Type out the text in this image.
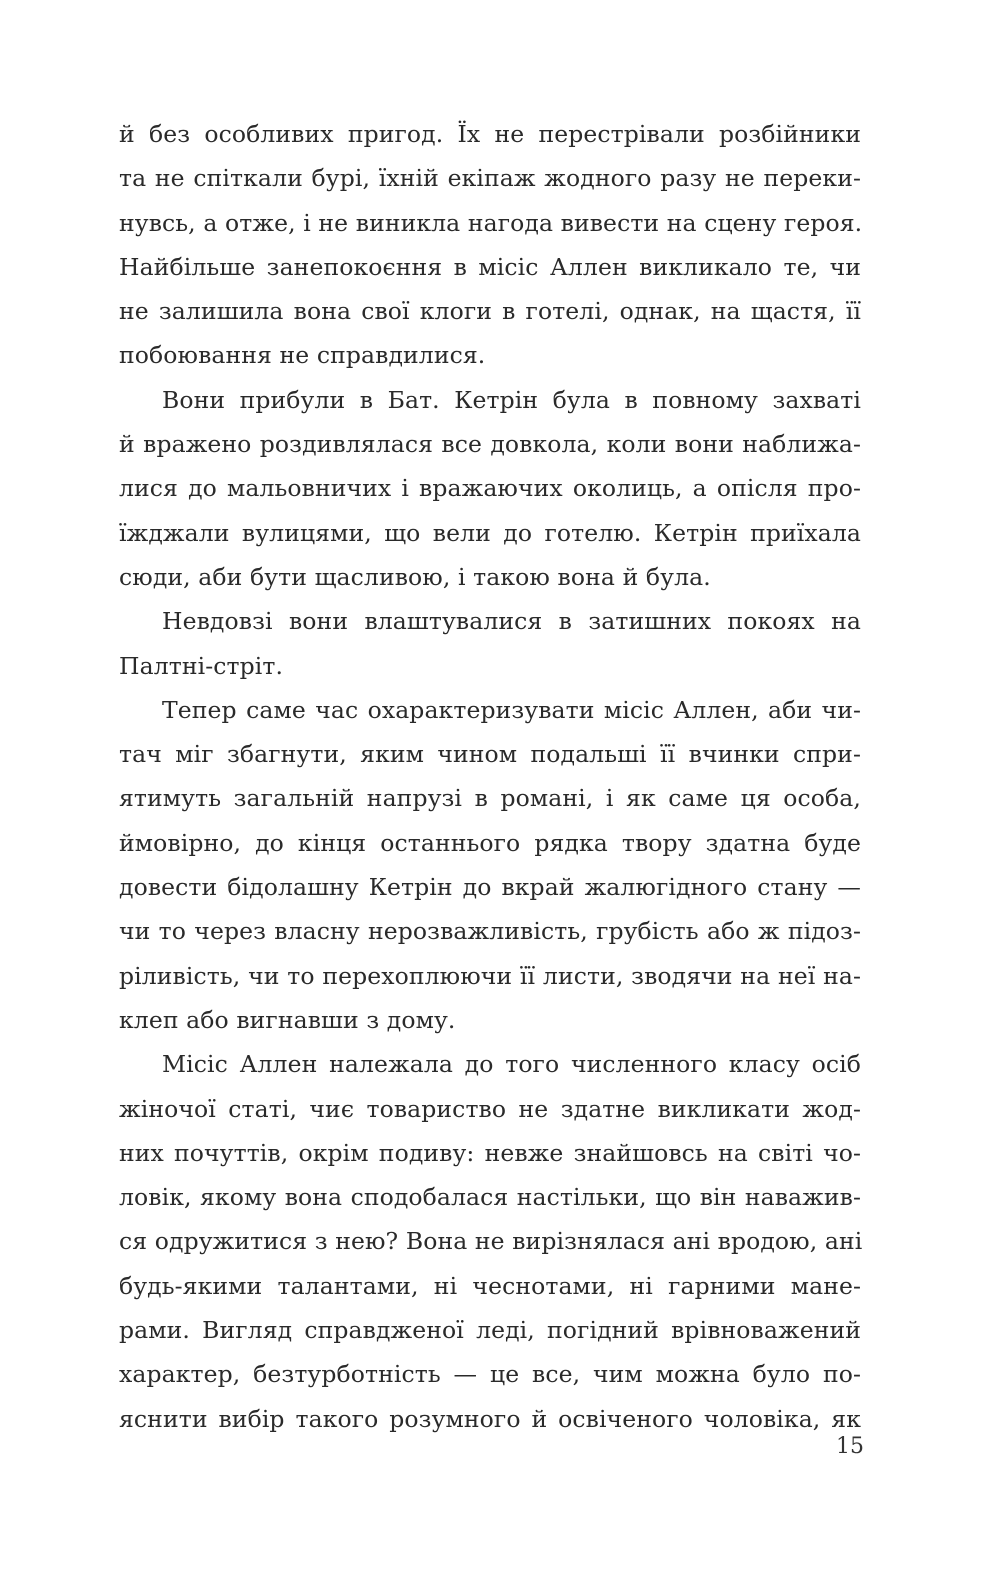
й без особливих пригод. Їх не перестрівали розбійники
та не спіткали бурі, їхній екіпаж жодного разу не переки-
нувсь, а отже, і не виникла нагода вивести на сцену героя.
Найбільше занепокоєння в місіс Аллен викликало те, чи
не залишила вона свої клоги в готелі, однак, на щастя, її
побоювання не справдилися.
Вони прибули в Бат. Кетрін була в повному захваті
й вражено роздивлялася все довкола, коли вони наближа-
лися до мальовничих і вражаючих околиць, а опісля про-
їжджали вулицями, що вели до готелю. Кетрін приїхала
сюди, аби бути щасливою, і такою вона й була.
Невдовзі вони влаштувалися в затишних покоях на
Палтні-стріт.
Тепер саме час охарактеризувати місіс Аллен, аби чи-
тач міг збагнути, яким чином подальші її вчинки спри-
ятимуть загальній напрузі в романі, і як саме ця особа,
ймовірно, до кінця останнього рядка твору здатна буде
довести бідолашну Кетрін до вкрай жалюгідного стану —
чи то через власну нерозважливість, грубість або ж підоз-
ріливість, чи то перехоплюючи її листи, зводячи на неї на-
клеп або вигнавши з дому.
Місіс Аллен належала до того численного класу осіб
жіночої статі, чиє товариство не здатне викликати жод-
них почуттів, окрім подиву: невже знайшовсь на світі чо-
ловік, якому вона сподобалася настільки, що він наважив-
ся одружитися з нею? Вона не вирізнялася ані вродою, ані
будь-якими талантами, ні чеснотами, ні гарними мане-
рами. Вигляд справдженої леді, погідний врівноважений
характер, безтурботність — це все, чим можна було по-
яснити вибір такого розумного й освіченого чоловіка, як
15
